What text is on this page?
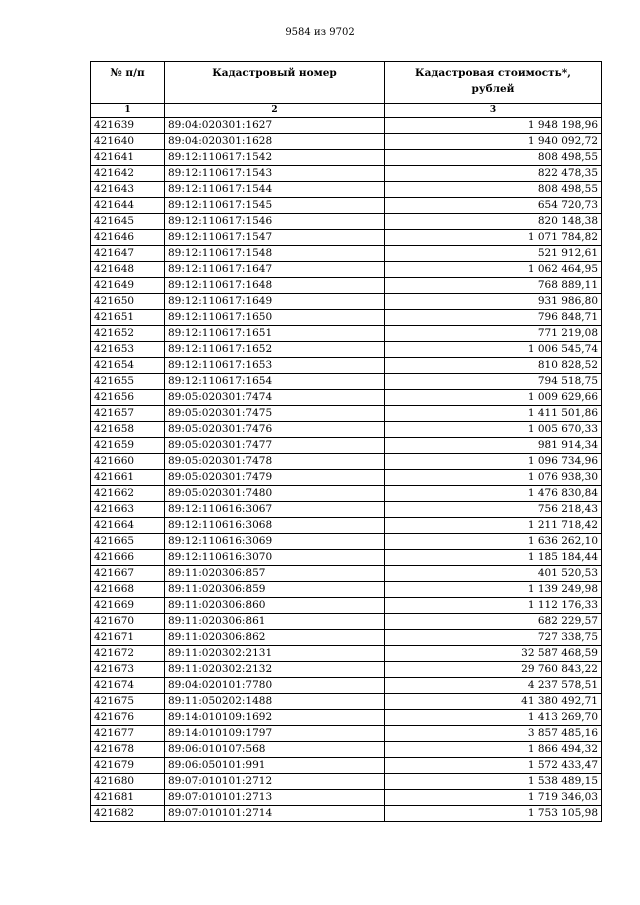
9584 из 9702
№ п/п	Кадастровый номер	Кадастровая стоимость*,
рублей

1	2	3
421639	89:04:020301:1627	1 948 198,96
421640	89:04:020301:1628	1 940 092,72
421641	89:12:110617:1542	808 498,55
421642	89:12:110617:1543	822 478,35
421643	89:12:110617:1544	808 498,55
421644	89:12:110617:1545	654 720,73
421645	89:12:110617:1546	820 148,38
421646	89:12:110617:1547	1 071 784,82
421647	89:12:110617:1548	521 912,61
421648	89:12:110617:1647	1 062 464,95
421649	89:12:110617:1648	768 889,11
421650	89:12:110617:1649	931 986,80
421651	89:12:110617:1650	796 848,71
421652	89:12:110617:1651	771 219,08
421653	89:12:110617:1652	1 006 545,74
421654	89:12:110617:1653	810 828,52
421655	89:12:110617:1654	794 518,75
421656	89:05:020301:7474	1 009 629,66
421657	89:05:020301:7475	1 411 501,86
421658	89:05:020301:7476	1 005 670,33
421659	89:05:020301:7477	981 914,34
421660	89:05:020301:7478	1 096 734,96
421661	89:05:020301:7479	1 076 938,30
421662	89:05:020301:7480	1 476 830,84
421663	89:12:110616:3067	756 218,43
421664	89:12:110616:3068	1 211 718,42
421665	89:12:110616:3069	1 636 262,10
421666	89:12:110616:3070	1 185 184,44
421667	89:11:020306:857	401 520,53
421668	89:11:020306:859	1 139 249,98
421669	89:11:020306:860	1 112 176,33
421670	89:11:020306:861	682 229,57
421671	89:11:020306:862	727 338,75
421672	89:11:020302:2131	32 587 468,59
421673	89:11:020302:2132	29 760 843,22
421674	89:04:020101:7780	4 237 578,51
421675	89:11:050202:1488	41 380 492,71
421676	89:14:010109:1692	1 413 269,70
421677	89:14:010109:1797	3 857 485,16
421678	89:06:010107:568	1 866 494,32
421679	89:06:050101:991	1 572 433,47
421680	89:07:010101:2712	1 538 489,15
421681	89:07:010101:2713	1 719 346,03
421682	89:07:010101:2714	1 753 105,98
